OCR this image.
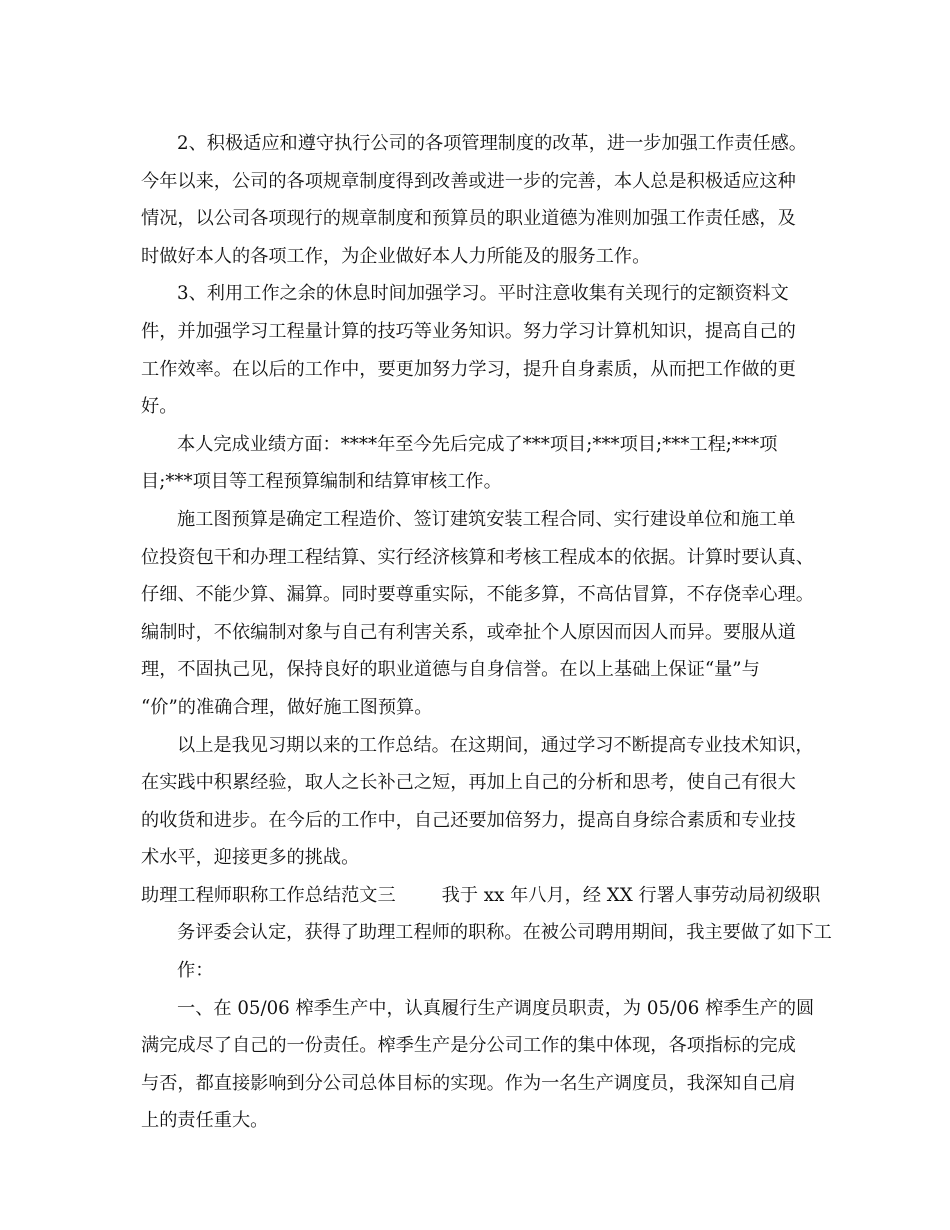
2、积极适应和遵守执行公司的各项管理制度的改革，进一步加强工作责任感。
今年以来，公司的各项规章制度得到改善或进一步的完善，本人总是积极适应这种
情况，以公司各项现行的规章制度和预算员的职业道德为准则加强工作责任感，及
时做好本人的各项工作，为企业做好本人力所能及的服务工作。
3、利用工作之余的休息时间加强学习。平时注意收集有关现行的定额资料文
件，并加强学习工程量计算的技巧等业务知识。努力学习计算机知识，提高自己的
工作效率。在以后的工作中，要更加努力学习，提升自身素质，从而把工作做的更
好。
本人完成业绩方面：****年至今先后完成了***项目;***项目;***工程;***项
目;***项目等工程预算编制和结算审核工作。
施工图预算是确定工程造价、签订建筑安装工程合同、实行建设单位和施工单
位投资包干和办理工程结算、实行经济核算和考核工程成本的依据。计算时要认真、
仔细、不能少算、漏算。同时要尊重实际，不能多算，不高估冒算，不存侥幸心理。
编制时，不依编制对象与自己有利害关系，或牵扯个人原因而因人而异。要服从道
理，不固执己见，保持良好的职业道德与自身信誉。在以上基础上保证“量”与
“价”的准确合理，做好施工图预算。
以上是我见习期以来的工作总结。在这期间，通过学习不断提高专业技术知识，
在实践中积累经验，取人之长补己之短，再加上自己的分析和思考，使自己有很大
的收货和进步。在今后的工作中，自己还要加倍努力，提高自身综合素质和专业技
术水平，迎接更多的挑战。
助理工程师职称工作总结范文三	我于 xx 年八月，经 XX 行署人事劳动局初级职
务评委会认定，获得了助理工程师的职称。在被公司聘用期间，我主要做了如下工
作：
一、在 05/06 榨季生产中，认真履行生产调度员职责，为 05/06 榨季生产的圆
满完成尽了自己的一份责任。榨季生产是分公司工作的集中体现，各项指标的完成
与否，都直接影响到分公司总体目标的实现。作为一名生产调度员，我深知自己肩
上的责任重大。
